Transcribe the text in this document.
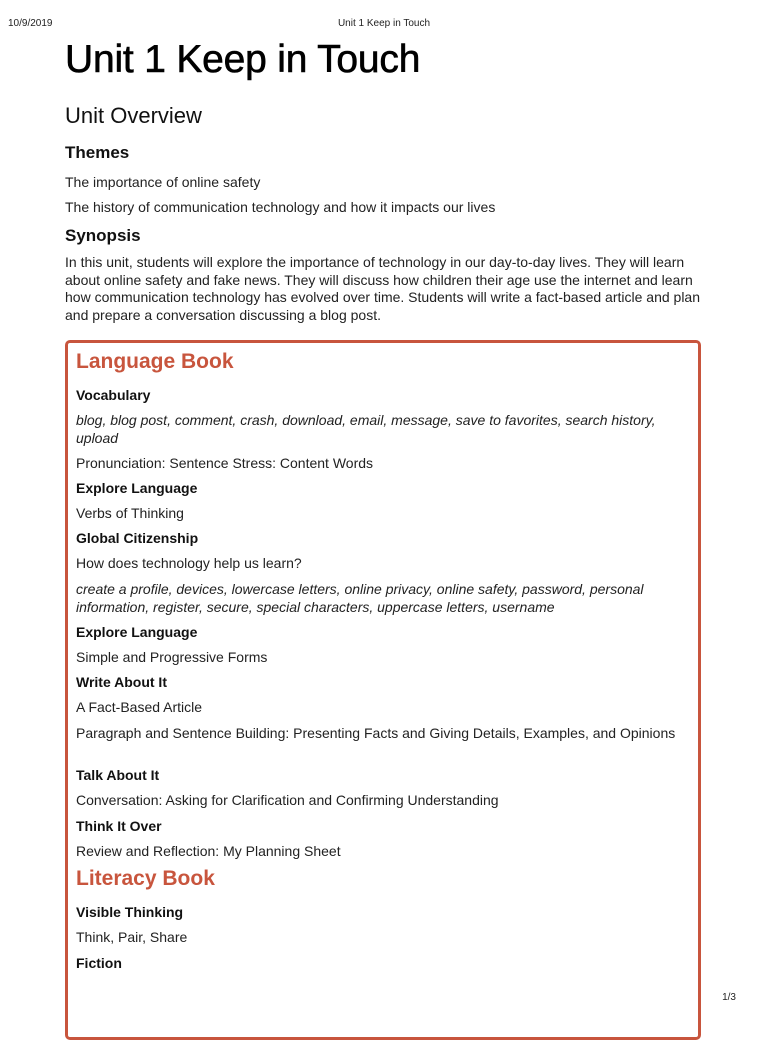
10/9/2019	Unit 1 Keep in Touch
1/3
Unit 1 Keep in Touch
Unit Overview
Themes

The importance of online safety

The history of communication technology and how it impacts our lives

Synopsis

In this unit, students will explore the importance of technology in our day-to-day lives. They will learn about online safety and fake news. They will discuss how children their age use the internet and learn how communication technology has evolved over time. Students will write a fact-based article and plan and prepare a conversation discussing a blog post.

Language Book

Vocabulary

blog, blog post, comment, crash, download, email, message, save to favorites, search history, upload

Pronunciation: Sentence Stress: Content Words

Explore Language

Verbs of Thinking

Global Citizenship

How does technology help us learn?

create a profile, devices, lowercase letters, online privacy, online safety, password, personal information, register, secure, special characters, uppercase letters, username

Explore Language

Simple and Progressive Forms

Write About It

A Fact-Based Article

Paragraph and Sentence Building: Presenting Facts and Giving Details, Examples, and Opinions

Talk About It

Conversation: Asking for Clarification and Confirming Understanding

Think It Over

Review and Reflection: My Planning Sheet

Literacy Book

Visible Thinking

Think, Pair, Share

Fiction
